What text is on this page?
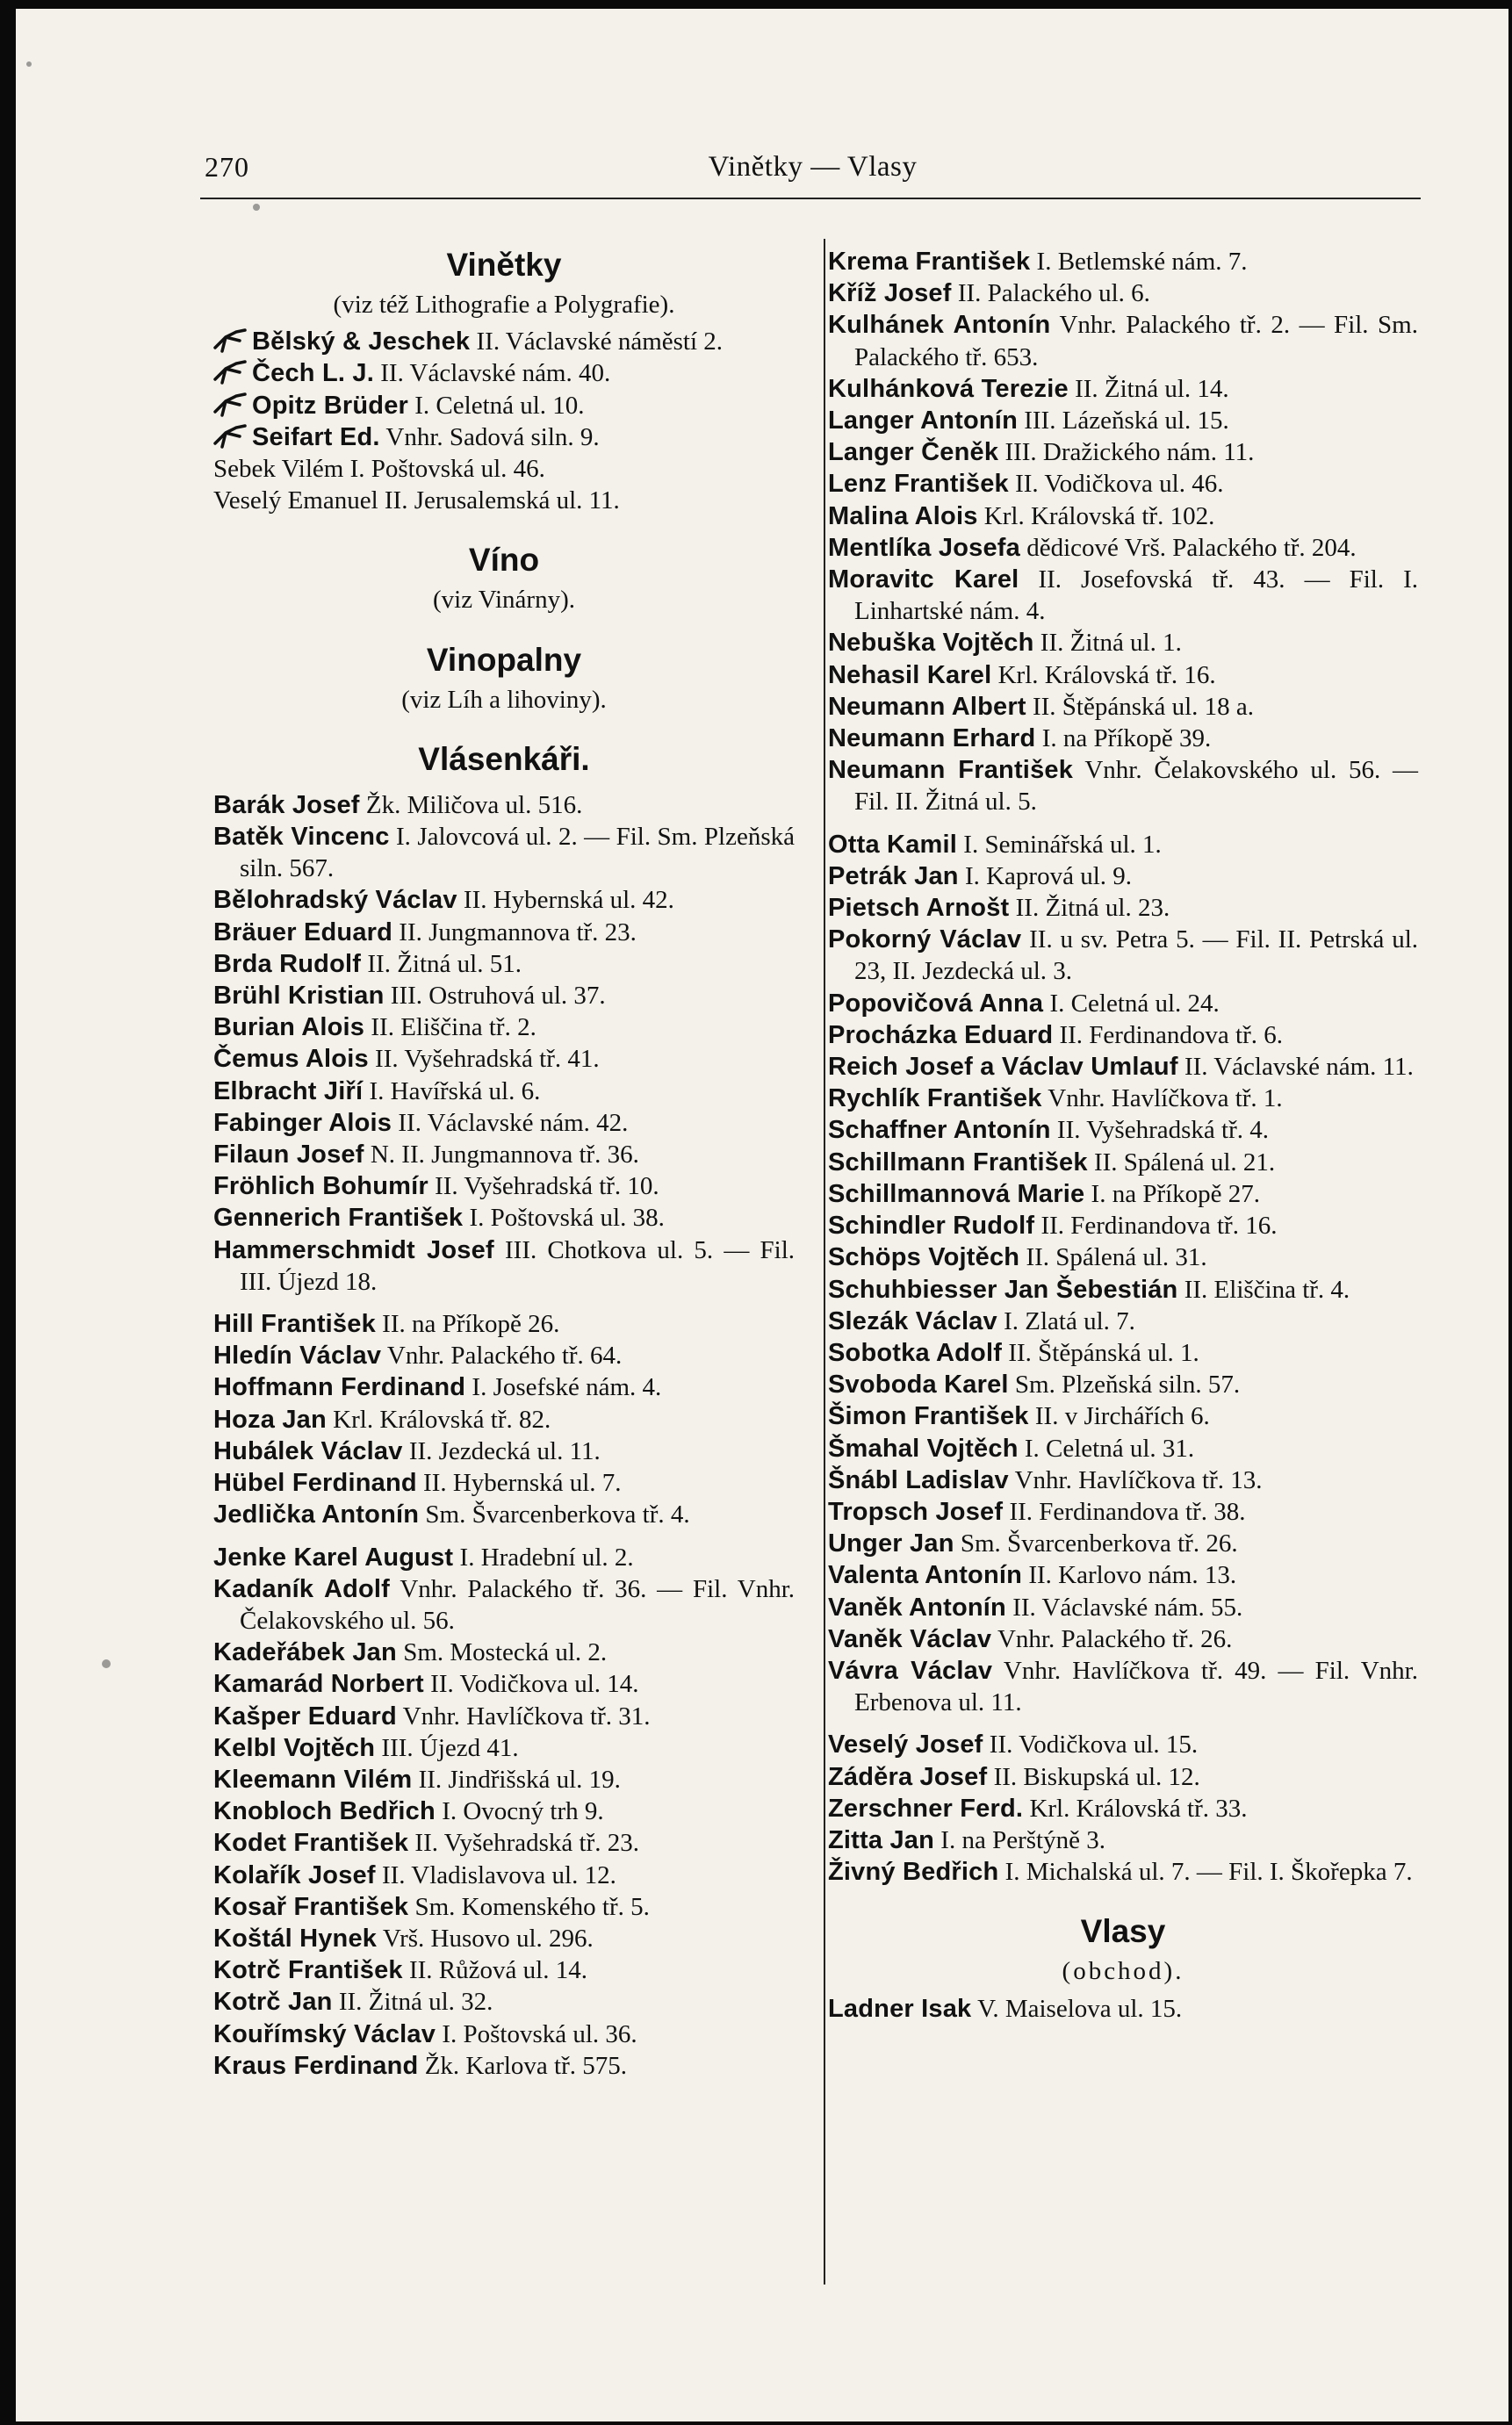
270	Vinětky — Vlasy
Vinětky
(viz též Lithografie a Polygrafie).

Bělský & Jeschek II. Václavské náměstí 2.

Čech L. J. II. Václavské nám. 40.

Opitz Brüder I. Celetná ul. 10.

Seifart Ed. Vnhr. Sadová siln. 9.

Sebek Vilém I. Poštovská ul. 46.

Veselý Emanuel II. Jerusalemská ul. 11.

Víno
(viz Vinárny).
Vinopalny
(viz Líh a lihoviny).
Vlásenkáři.

Barák Josef Žk. Miličova ul. 516.

Batěk Vincenc I. Jalovcová ul. 2. — Fil. Sm. Plzeňská siln. 567.

Bělohradský Václav II. Hybernská ul. 42.

Bräuer Eduard II. Jungmannova tř. 23.

Brda Rudolf II. Žitná ul. 51.

Brühl Kristian III. Ostruhová ul. 37.

Burian Alois II. Eliščina tř. 2.

Čemus Alois II. Vyšehradská tř. 41.

Elbracht Jiří I. Havířská ul. 6.

Fabinger Alois II. Václavské nám. 42.

Filaun Josef N. II. Jungmannova tř. 36.

Fröhlich Bohumír II. Vyšehradská tř. 10.

Gennerich František I. Poštovská ul. 38.

Hammerschmidt Josef III. Chotkova ul. 5. — Fil. III. Újezd 18.

Hill František II. na Příkopě 26.

Hledín Václav Vnhr. Palackého tř. 64.

Hoffmann Ferdinand I. Josefské nám. 4.

Hoza Jan Krl. Královská tř. 82.

Hubálek Václav II. Jezdecká ul. 11.

Hübel Ferdinand II. Hybernská ul. 7.

Jedlička Antonín Sm. Švarcenberkova tř. 4.

Jenke Karel August I. Hradební ul. 2.

Kadaník Adolf Vnhr. Palackého tř. 36. — Fil. Vnhr. Čelakovského ul. 56.

Kadeřábek Jan Sm. Mostecká ul. 2.

Kamarád Norbert II. Vodičkova ul. 14.

Kašper Eduard Vnhr. Havlíčkova tř. 31.

Kelbl Vojtěch III. Újezd 41.

Kleemann Vilém II. Jindřišská ul. 19.

Knobloch Bedřich I. Ovocný trh 9.

Kodet František II. Vyšehradská tř. 23.

Kolařík Josef II. Vladislavova ul. 12.

Kosař František Sm. Komenského tř. 5.

Koštál Hynek Vrš. Husovo ul. 296.

Kotrč František II. Růžová ul. 14.

Kotrč Jan II. Žitná ul. 32.

Kouřímský Václav I. Poštovská ul. 36.

Kraus Ferdinand Žk. Karlova tř. 575.

Krema František I. Betlemské nám. 7.

Kříž Josef II. Palackého ul. 6.

Kulhánek Antonín Vnhr. Palackého tř. 2. — Fil. Sm. Palackého tř. 653.

Kulhánková Terezie II. Žitná ul. 14.

Langer Antonín III. Lázeňská ul. 15.

Langer Čeněk III. Dražického nám. 11.

Lenz František II. Vodičkova ul. 46.

Malina Alois Krl. Královská tř. 102.

Mentlíka Josefa dědicové Vrš. Palackého tř. 204.

Moravitc Karel II. Josefovská tř. 43. — Fil. I. Linhartské nám. 4.

Nebuška Vojtěch II. Žitná ul. 1.

Nehasil Karel Krl. Královská tř. 16.

Neumann Albert II. Štěpánská ul. 18 a.

Neumann Erhard I. na Příkopě 39.

Neumann František Vnhr. Čelakovského ul. 56. — Fil. II. Žitná ul. 5.

Otta Kamil I. Seminářská ul. 1.

Petrák Jan I. Kaprová ul. 9.

Pietsch Arnošt II. Žitná ul. 23.

Pokorný Václav II. u sv. Petra 5. — Fil. II. Petrská ul. 23, II. Jezdecká ul. 3.

Popovičová Anna I. Celetná ul. 24.

Procházka Eduard II. Ferdinandova tř. 6.

Reich Josef a Václav Umlauf II. Václavské nám. 11.

Rychlík František Vnhr. Havlíčkova tř. 1.

Schaffner Antonín II. Vyšehradská tř. 4.

Schillmann František II. Spálená ul. 21.

Schillmannová Marie I. na Příkopě 27.

Schindler Rudolf II. Ferdinandova tř. 16.

Schöps Vojtěch II. Spálená ul. 31.

Schuhbiesser Jan Šebestián II. Eliščina tř. 4.

Slezák Václav I. Zlatá ul. 7.

Sobotka Adolf II. Štěpánská ul. 1.

Svoboda Karel Sm. Plzeňská siln. 57.

Šimon František II. v Jirchářích 6.

Šmahal Vojtěch I. Celetná ul. 31.

Šnábl Ladislav Vnhr. Havlíčkova tř. 13.

Tropsch Josef II. Ferdinandova tř. 38.

Unger Jan Sm. Švarcenberkova tř. 26.

Valenta Antonín II. Karlovo nám. 13.

Vaněk Antonín II. Václavské nám. 55.

Vaněk Václav Vnhr. Palackého tř. 26.

Vávra Václav Vnhr. Havlíčkova tř. 49. — Fil. Vnhr. Erbenova ul. 11.

Veselý Josef II. Vodičkova ul. 15.

Záděra Josef II. Biskupská ul. 12.

Zerschner Ferd. Krl. Královská tř. 33.

Zitta Jan I. na Perštýně 3.

Živný Bedřich I. Michalská ul. 7. — Fil. I. Škořepka 7.

Vlasy
(obchod).

Ladner Isak V. Maiselova ul. 15.
